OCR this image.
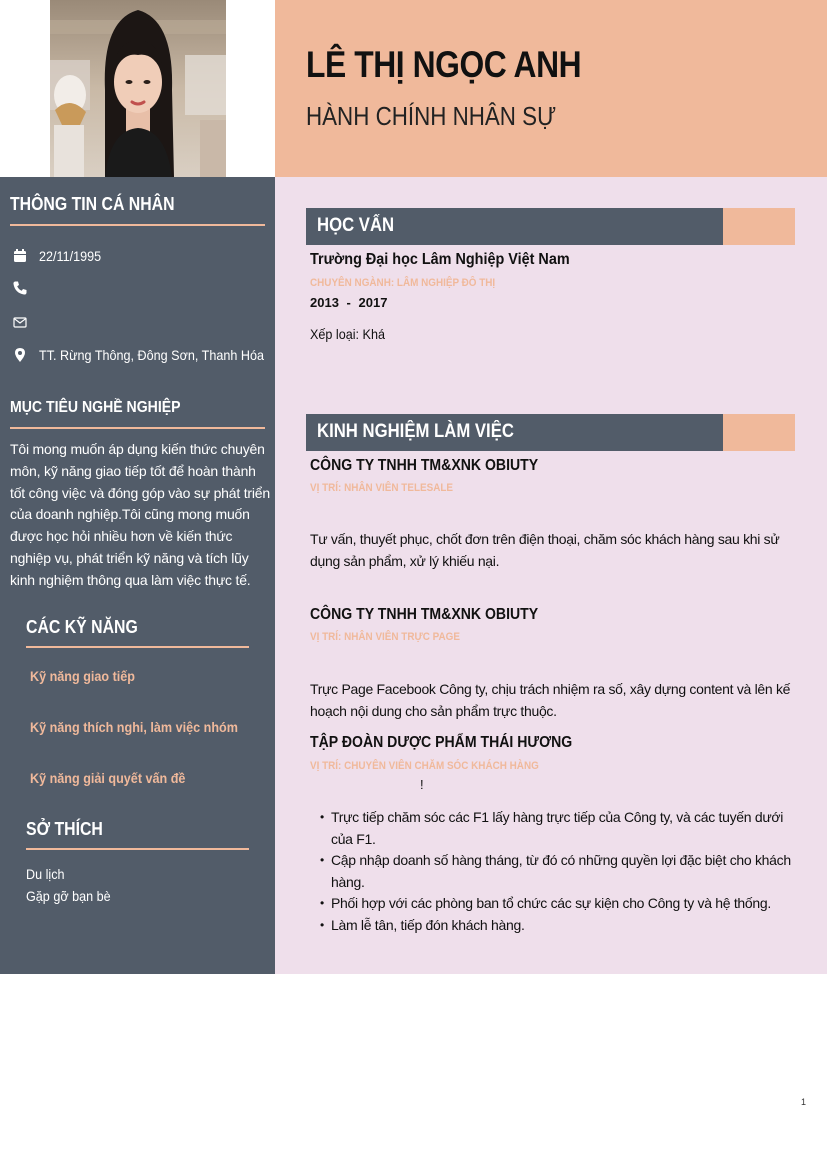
LÊ THỊ NGỌC ANH
HÀNH CHÍNH NHÂN SỰ
THÔNG TIN CÁ NHÂN
22/11/1995
TT. Rừng Thông, Đông Sơn, Thanh Hóa
MỤC TIÊU NGHỀ NGHIỆP
Tôi mong muốn áp dụng kiến thức chuyên môn, kỹ năng giao tiếp tốt để hoàn thành tốt công việc và đóng góp vào sự phát triển của doanh nghiệp.Tôi cũng mong muốn được học hỏi nhiều hơn về kiến thức nghiệp vụ, phát triển kỹ năng và tích lũy kinh nghiệm thông qua làm việc thực tế.
CÁC KỸ NĂNG
Kỹ năng giao tiếp
Kỹ năng thích nghi, làm việc nhóm
Kỹ năng giải quyết vấn đề
SỞ THÍCH
Du lịch
Gặp gỡ bạn bè
HỌC VẤN
Trường Đại học Lâm Nghiệp Việt Nam
CHUYÊN NGÀNH: LÂM NGHIỆP ĐÔ THỊ
2013 - 2017
Xếp loại: Khá
KINH NGHIỆM LÀM VIỆC
CÔNG TY TNHH TM&XNK OBIUTY
VỊ TRÍ: NHÂN VIÊN TELESALE
Tư vấn, thuyết phục, chốt đơn trên điện thoại, chăm sóc khách hàng sau khi sử dụng sản phẩm, xử lý khiếu nại.
CÔNG TY TNHH TM&XNK OBIUTY
VỊ TRÍ: NHÂN VIÊN TRỰC PAGE
Trực Page Facebook Công ty, chịu trách nhiệm ra số, xây dựng content và lên kế hoạch nội dung cho sản phẩm trực thuộc.
TẬP ĐOÀN DƯỢC PHẨM THÁI HƯƠNG
VỊ TRÍ: CHUYÊN VIÊN CHĂM SÓC KHÁCH HÀNG
!
• Trực tiếp chăm sóc các F1 lấy hàng trực tiếp của Công ty, và các tuyến dưới của F1.
• Cập nhập doanh số hàng tháng, từ đó có những quyền lợi đặc biệt cho khách hàng.
• Phối hợp với các phòng ban tổ chức các sự kiện cho Công ty và hệ thống.
• Làm lễ tân, tiếp đón khách hàng.
1
